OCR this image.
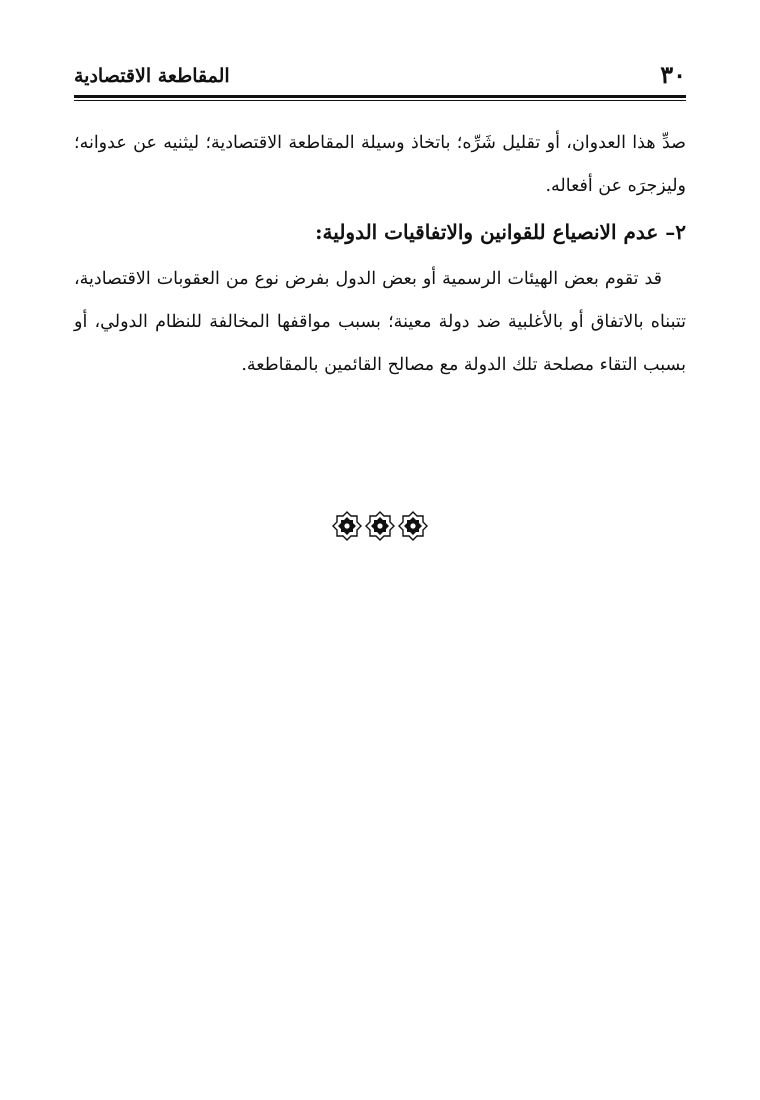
٣٠
المقاطعة الاقتصادية

صدِّ هذا العدوان، أو تقليل شَرِّه؛ باتخاذ وسيلة المقاطعة الاقتصادية؛ ليثنيه عن عدوانه؛ وليزجرَه عن أفعاله.

٢– عدم الانصياع للقوانين والاتفاقيات الدولية:

قد تقوم بعض الهيئات الرسمية أو بعض الدول بفرض نوع من العقوبات الاقتصادية، تتبناه بالاتفاق أو بالأغلبية ضد دولة معينة؛ بسبب مواقفها المخالفة للنظام الدولي، أو بسبب التقاء مصلحة تلك الدولة مع مصالح القائمين بالمقاطعة.
